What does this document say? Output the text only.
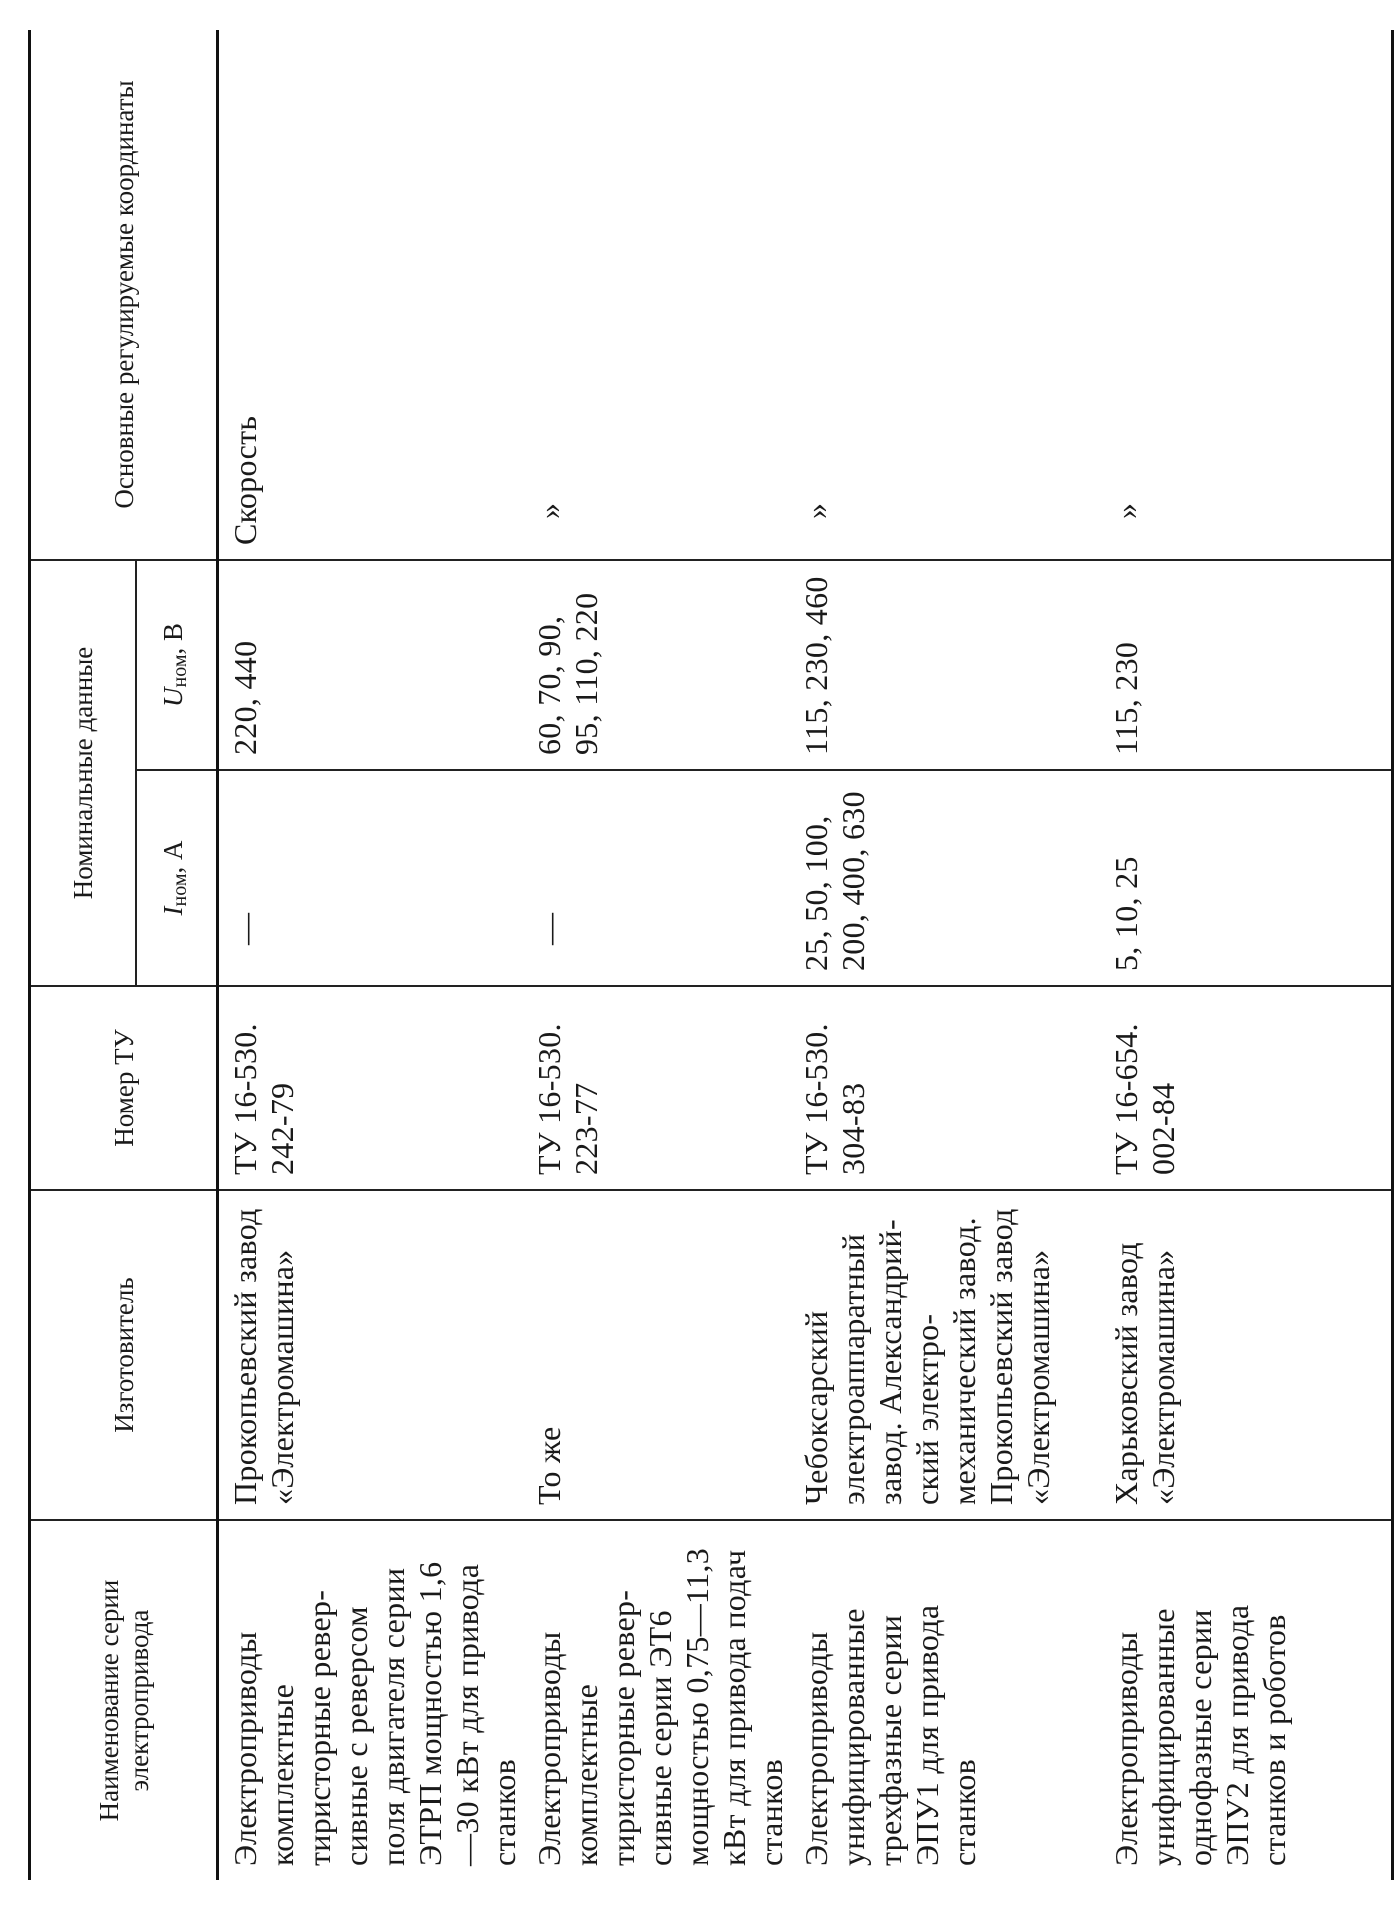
Наименование серии электропривода	Изготовитель	Номер ТУ	Номинальные данные		Основные регулируемые координаты
			$I_{ном}$, А	$U_{ном}$, В	
Электроприводы комплектные тиристорные реверсивные с реверсом поля двигателя серии ЭТРП мощностью 1,6—30 кВт для привода станков	Прокопьевский завод «Электромашина»	ТУ 16-530. 242-79	—	220, 440	Скорость
Электроприводы комплектные тиристорные реверсивные серии ЭТ6 мощностью 0,75—11,3 кВт для привода подач станков	То же	ТУ 16-530. 223-77	—	60, 70, 90, 95, 110, 220	»
Электроприводы унифицированные трехфазные серии ЭПУ1 для привода станков	Чебоксарский электроаппаратный завод. Александрийский электромеханический завод. Прокопьевский завод «Электромашина»	ТУ 16-530. 304-83	25, 50, 100, 200, 400, 630	115, 230, 460	»
Электроприводы унифицированные однофазные серии ЭПУ2 для привода станков и роботов	Харьковский завод «Электромашина»	ТУ 16-654. 002-84	5, 10, 25	115, 230	»
